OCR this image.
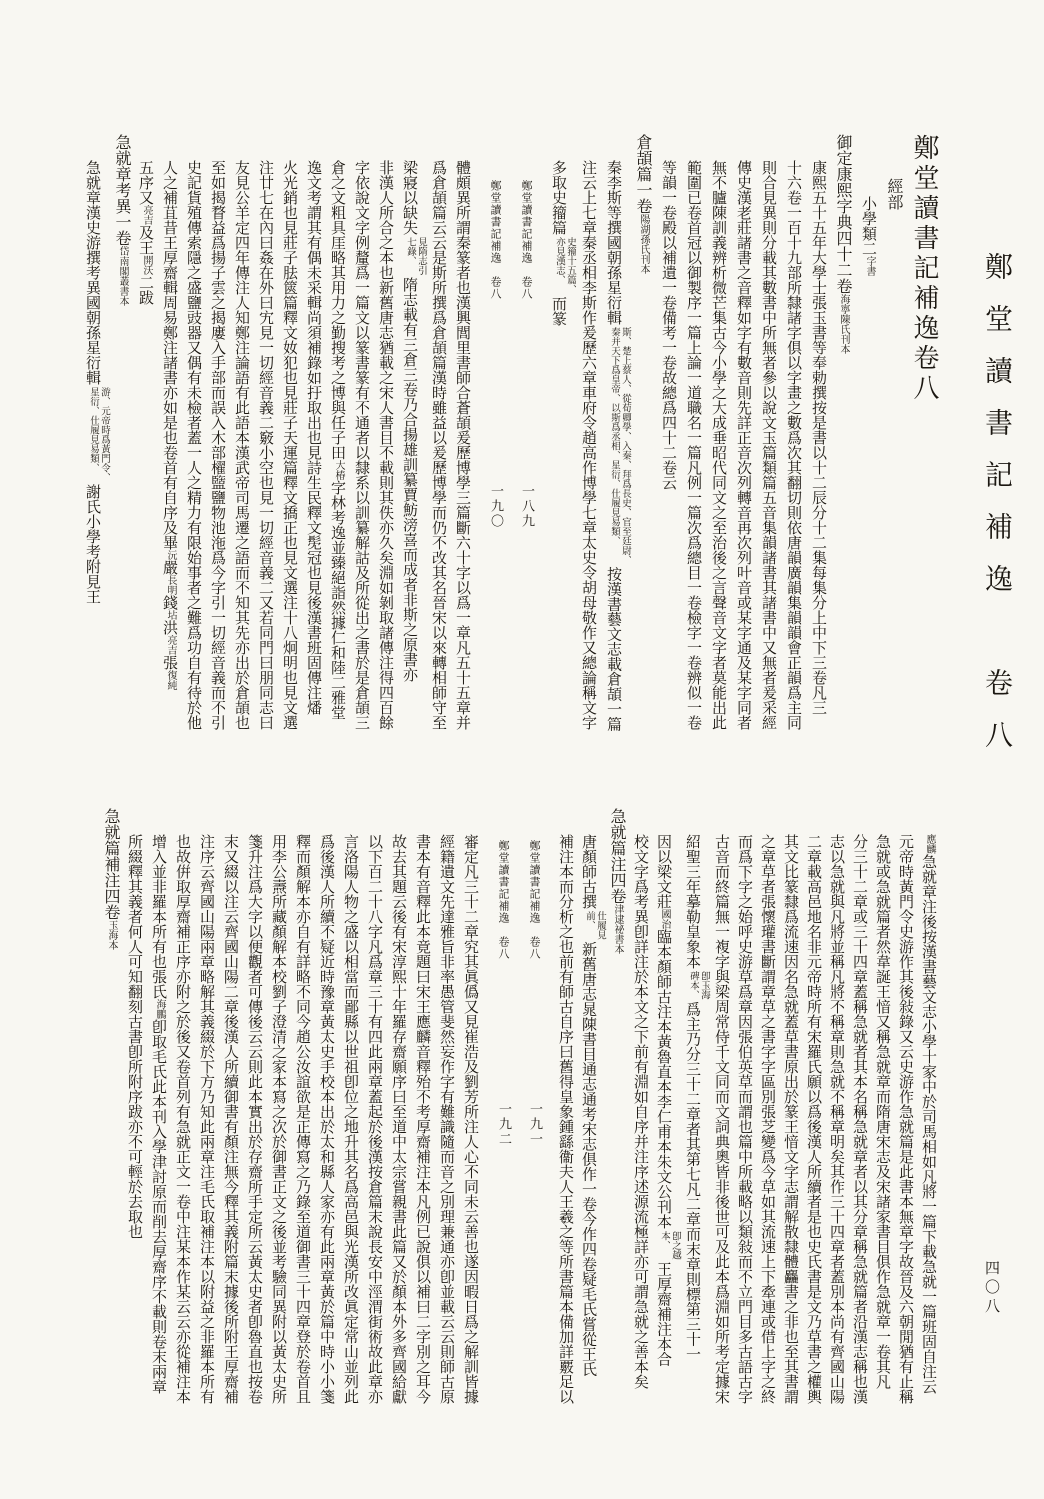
鄭堂讀書記補逸　卷八
四〇八
鄭堂讀書記補逸卷八
經部
小學類二字書
御定康熙字典四十二卷海寧陳氏刊本
康熙五十五年大學士張玉書等奉勅撰按是書以十二辰分十二集每集分上中下三卷凡三
十六卷一百十九部所隸諸字俱以字畫之數爲次其翻切則依唐韻廣韻集韻韻會正韻爲主同
則合見異則分載其數書中所無者參以說文玉篇類篇五音集韻諸書其諸書中又無者爰采經
傳史漢老莊諸書之音釋如字有數音則先詳正音次列轉音再次列叶音或某字通及某字同者
無不臚陳訓義辨析微芒集古今小學之大成垂昭代同文之至治後之言聲音文字者莫能出此
範圍已卷首冠以御製序一篇上論一道職名一篇凡例一篇次爲總目一卷檢字一卷辨似一卷
等韻一卷殿以補遺一卷備考一卷故總爲四十二卷云
倉頡篇一卷陽湖孫氏刊本
秦李斯等撰國朝孫星衍輯
斯、楚上蔡人、從荀卿學、入秦、拜爲長史、官至廷尉、
秦并天下爲皇帝、以斯爲丞相、星衍、仕履見易類、
按漢書藝文志載倉頡一篇
注云上七章秦丞相李斯作爰歷六章車府令趙高作博學七章太史令胡母敬作又總論稱文字
多取史籀篇
史籀十五篇、
亦見漢志、
而篆
鄭堂讀書記補逸　卷八
一八九
鄭堂讀書記補逸　卷八
一九〇
體頗異所謂秦篆者也漢興閭里書師合蒼頡爰歷博學三篇斷六十字以爲一章凡五十五章并
爲倉頡篇云云是斯所撰爲倉頡篇漢時雖益以爰歷博學而仍不改其名晉宋以來轉相師守至
梁寢以缺失
見隋志引
七錄、
隋志載有三倉三卷乃合揚雄訓纂賈魴滂喜而成者非斯之原書亦
非漢人所合之本也新舊唐志猶載之宋人書目不載則其佚亦久矣淵如剝取諸傳注得四百餘
字依說文字例釐爲一篇文以篆書篆有不通者以隸系以訓纂解詁及所從出之書於是倉頡三
倉之文粗具厓略其用力之勤搜考之博與任子田大椿字林考逸並臻絕詣然據仁和陸二雅堂
逸文考謂其有偶未采輯尚須補錄如扜取出也見詩生民釋文髧冠也見後漢書班固傳注燔
火光銷也見莊子胠篋篇釋文奻犯也見莊子天運篇釋文撟正也見文選注十八炯明也見文選
注廿七在內曰姦在外曰宄見一切經音義二竅小空也見一切經音義二又若同門曰朋同志曰
友見公羊定四年傳注人知鄭注論語有此語本漢武帝司馬遷之語而不知其先亦出於倉頡也
至如揭瞀益爲揚子雲之揭廔入手部而誤入木部櫂盬鹽物池沲爲今字引一切經音義而不引
史記貨殖傳索隱之盛鹽豉器又偶有未檢者蓋一人之精力有限始事者之難爲功自有待於他
人之補苴昔王厚齋輯周易鄭注諸書亦如是也卷首有自序及畢沅嚴長明錢坫洪亮吉張復純
五序又亮吉及王開沃二跋
急就章考異一卷岱南閣叢書本
急就章漢史游撰考異國朝孫星衍輯
游、元帝時爲黃門令、
星衍、仕履見易類、
謝氏小學考附見王
應麟急就章注後按漢書藝文志小學十家中於司馬相如凡將一篇下載急就一篇班固自注云
元帝時黃門令史游作其後敍錄又云史游作急就篇是此書本無章字故晉及六朝閒猶有止稱
急就或急就篇者然韋誕王愔又稱急就章而隋唐宋志及宋諸家書目俱作急就章一卷其凡
分三十二章或三十四章蓋稱急就者其本名稱急就章者以其分章稱急就篇者沿漢志稱也漢
志以急就與凡將並稱凡將不稱章則急就不稱章明矣其作三十四章者蓋別本尚有齊國山陽
二章載高邑地名非元帝時所有宋羅氏願以爲後漢人所續者是也史氏書是文乃草書之權輿
其文比篆隸爲流速因名急就蓋草書原出於篆王愔文字志謂解散隸體麤書之非也至其書謂
之章草者張懷瓘書斷謂章草之書字字區別張芝變爲今草如其流速上下牽連或借上字之終
而爲下字之始呼史游草爲章因張伯英草而謂也篇中所載略以類敍而不立門目多古語古字
古音而終篇無一複字與梁周常侍千文同而文詞典奧皆非後世可及此本爲淵如所考定據宋
紹聖三年摹勒皇象本
卽玉海
碑本、
爲主乃分三十二章者其第七凡二章而末章則標第三十一
因以梁文莊國治臨本顏師古注本黃魯直本李仁甫本朱文公刊本
卽之越
本、
王厚齋補注本合
校文字爲考異卽詳注於本文之下前有淵如自序并注序述源流極詳亦可謂急就之善本矣
急就篇注四卷津逮祕書本
唐顏師古撰
仕履見
前、
新舊唐志晁陳書目通志通考宋志俱作一卷今作四卷疑毛氏嘗從王氏
補注本而分析之也前有師古自序曰舊得皇象鍾繇衞夫人王羲之等所書篇本備加詳覈足以
鄭堂讀書記補逸　卷八
一九一
鄭堂讀書記補逸　卷八
一九二
審定凡三十二章究其眞僞又見崔浩及劉芳所注人心不同未云善也遂因暇日爲之解訓皆據
經籍遺文先達雅旨非率愚管斐然妄作字有難識隨而音之別理兼通亦卽並載云云則師古原
書本有音釋此本竟題曰宋王應麟音釋殆不考厚齋補注本凡例已說俱以補曰二字別之耳今
故去其題云後有宋淳熙十年羅存齋願序曰至道中太宗嘗親書此篇又於顏本外多齊國給獻
以下百二十八字凡爲章三十有四此兩章蓋起於後漢按倉篇末說長安中涇渭街術故此章亦
言洛陽人物之盛以相當而鄙縣以世祖卽位之地升其名爲高邑與光漢所改眞定常山並列此
爲後漢人所續不疑近時豫章黃太史手校本出於太和縣人家亦有此兩章黃於篇中時小小箋
釋而顏解本亦自有詳略不同今趙公汝誼欲是正傳寫之乃錄至道御書三十四章登於卷首且
用李公燾所藏顏解本校劉子澄清之家本寫之次於御書正文之後並考驗同異附以黃太史所
箋升注爲大字以便觀者可傳後云云則此本實出於存齋所手定所云黃太史者卽魯直也按卷
末又綴以注云齊國山陽二章後漢人所續御書有顏注無今釋其義附篇末據後所附王厚齋補
注序云齊國山陽兩章略解其義綴於下方乃知此兩章注毛氏取補注本以附益之非羅本所有
也故倂取厚齋補正序亦附之於後又卷首列有急就正文一卷中注某本作某云云亦從補注本
增入並非羅本所有也張氏海鵬卽取毛氏此本刊入學津討原而削去厚齋序不載則卷末兩章
所綴釋其義者何人可知翻刻古書卽所附序跋亦不可輕於去取也
急就篇補注四卷玉海本
